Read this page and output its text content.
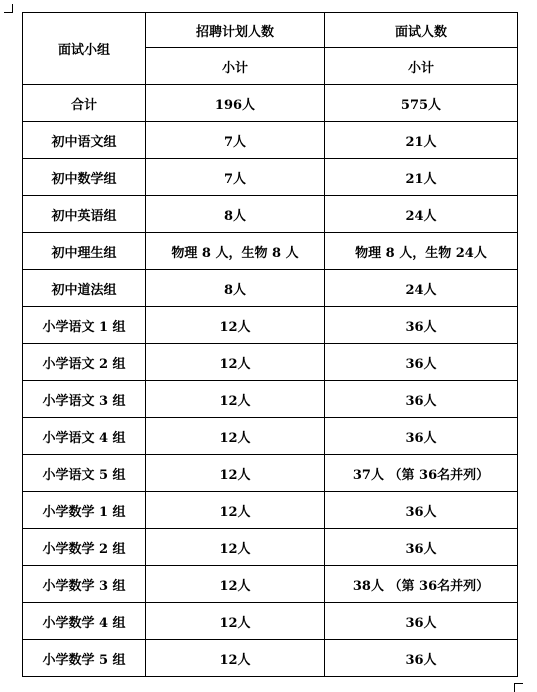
面试小组	招聘计划人数	面试人数
	小计	小计
合计	196人	575人
初中语文组	7人	21人
初中数学组	7人	21人
初中英语组	8人	24人
初中理生组	物理 8 人，生物 8 人	物理 8 人，生物 24人
初中道法组	8人	24人
小学语文 1 组	12人	36人
小学语文 2 组	12人	36人
小学语文 3 组	12人	36人
小学语文 4 组	12人	36人
小学语文 5 组	12人	37人 （第 36名并列）
小学数学 1 组	12人	36人
小学数学 2 组	12人	36人
小学数学 3 组	12人	38人 （第 36名并列）
小学数学 4 组	12人	36人
小学数学 5 组	12人	36人
